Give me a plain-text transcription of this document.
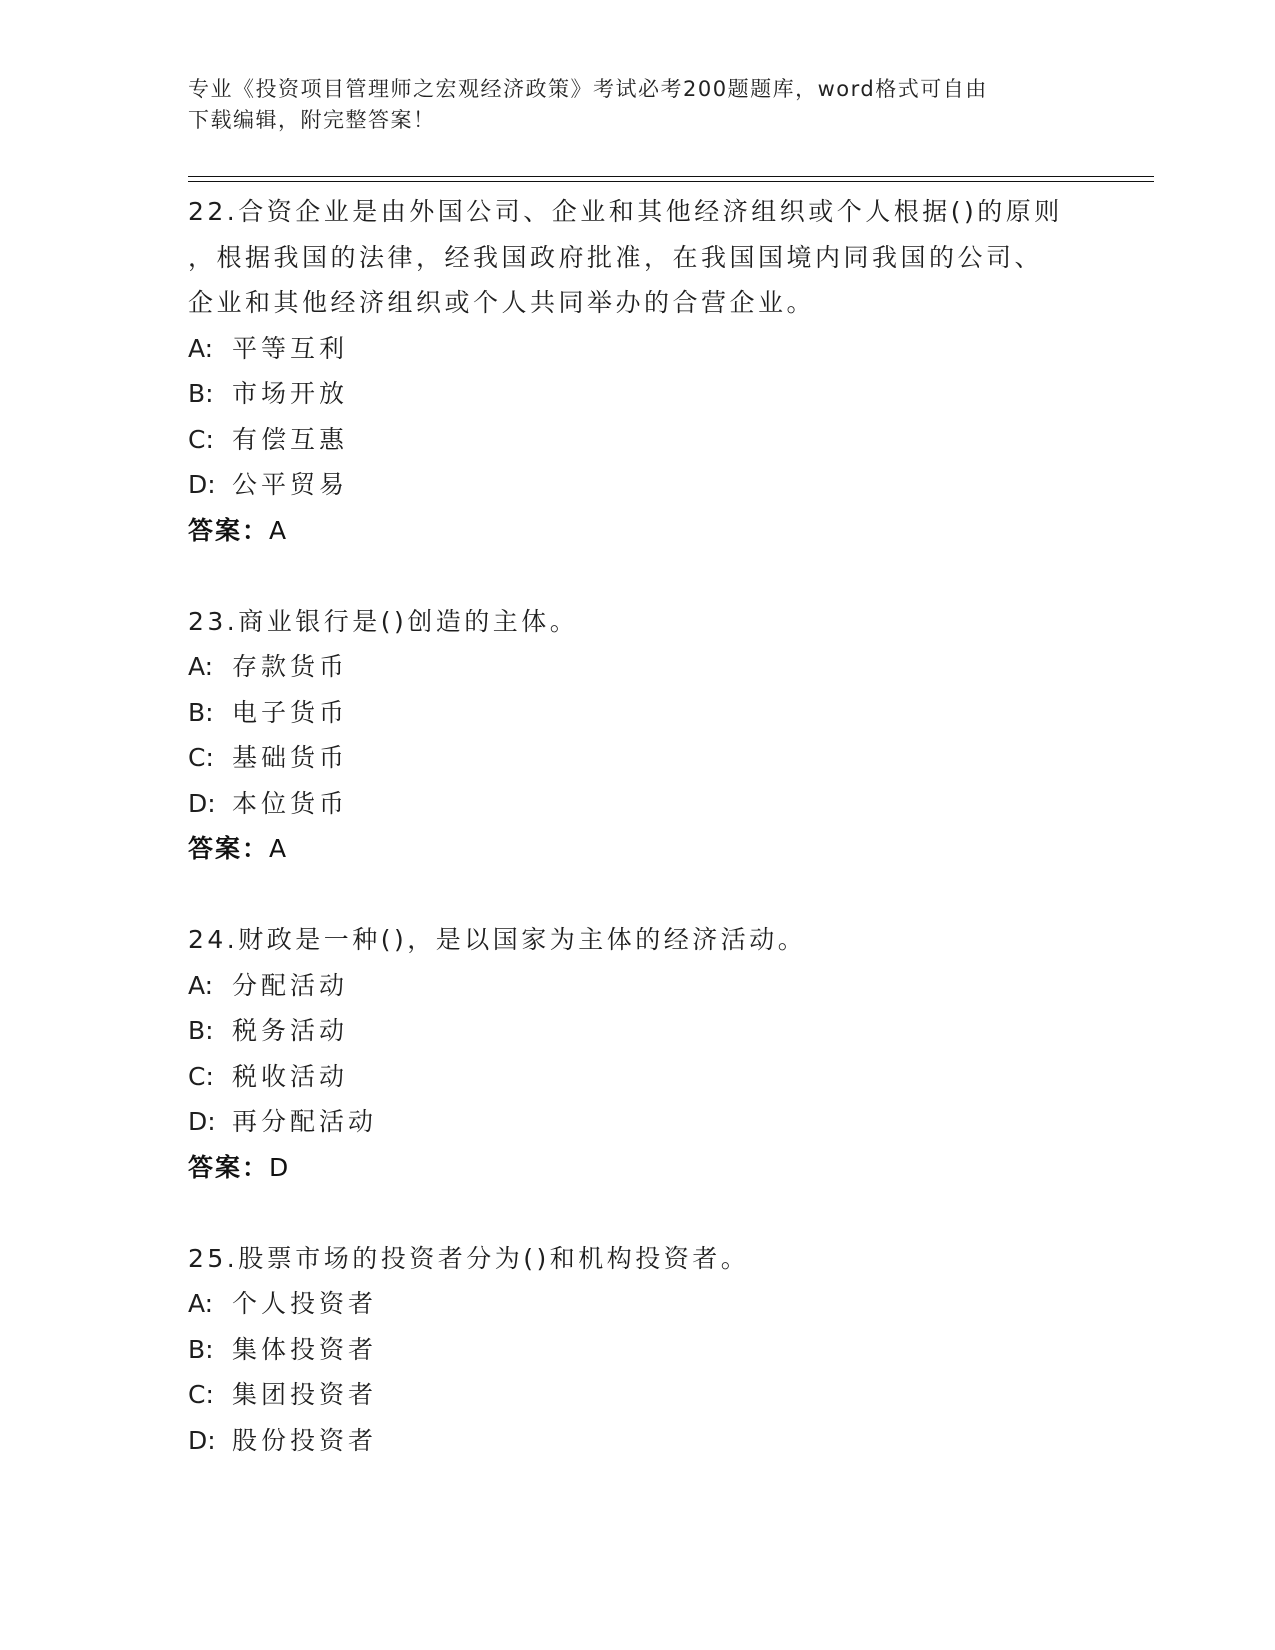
专业《投资项目管理师之宏观经济政策》考试必考200题题库，word格式可自由
下载编辑，附完整答案！
22.合资企业是由外国公司、企业和其他经济组织或个人根据()的原则
，根据我国的法律，经我国政府批准，在我国国境内同我国的公司、
企业和其他经济组织或个人共同举办的合营企业。
A: 平等互利
B: 市场开放
C: 有偿互惠
D: 公平贸易
答案：A
23.商业银行是()创造的主体。
A: 存款货币
B: 电子货币
C: 基础货币
D: 本位货币
答案：A
24.财政是一种()，是以国家为主体的经济活动。
A: 分配活动
B: 税务活动
C: 税收活动
D: 再分配活动
答案：D
25.股票市场的投资者分为()和机构投资者。
A: 个人投资者
B: 集体投资者
C: 集团投资者
D: 股份投资者
